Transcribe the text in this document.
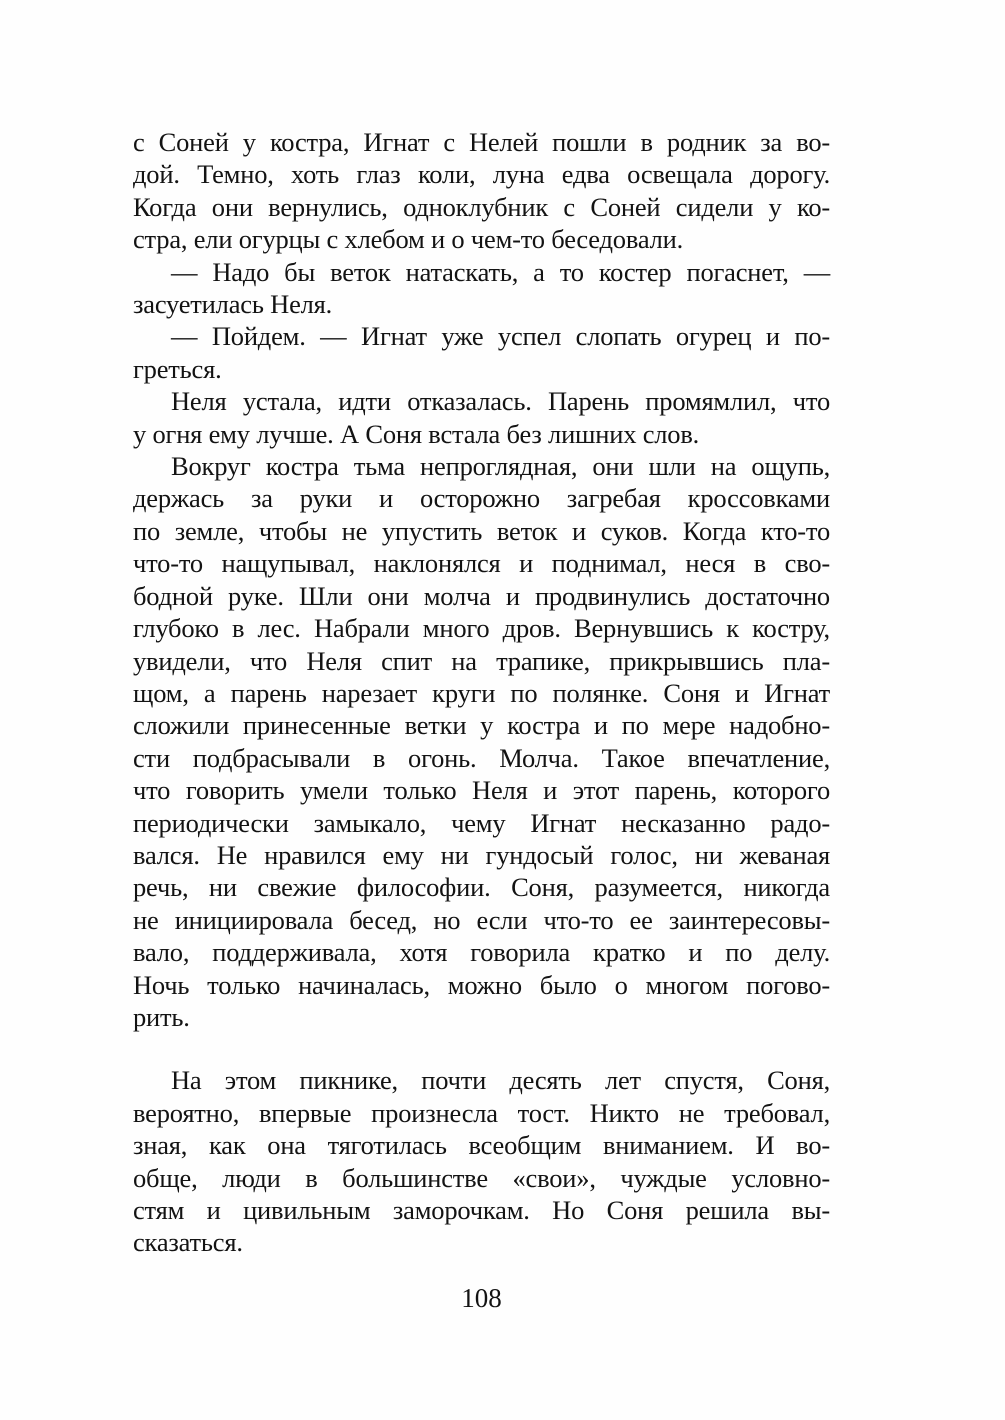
с Соней у костра, Игнат с Нелей пошли в родник за во-
дой. Темно, хоть глаз коли, луна едва освещала дорогу.
Когда они вернулись, одноклубник с Соней сидели у ко-
стра, ели огурцы с хлебом и о чем-то беседовали.
— Надо бы веток натаскать, а то костер погаснет, —
засуетилась Неля.
— Пойдем. — Игнат уже успел слопать огурец и по-
греться.
Неля устала, идти отказалась. Парень промямлил, что
у огня ему лучше. А Соня встала без лишних слов.
Вокруг костра тьма непроглядная, они шли на ощупь,
держась за руки и осторожно загребая кроссовками
по земле, чтобы не упустить веток и суков. Когда кто-то
что-то нащупывал, наклонялся и поднимал, неся в сво-
бодной руке. Шли они молча и продвинулись достаточно
глубоко в лес. Набрали много дров. Вернувшись к костру,
увидели, что Неля спит на трапике, прикрывшись пла-
щом, а парень нарезает круги по полянке. Соня и Игнат
сложили принесенные ветки у костра и по мере надобно-
сти подбрасывали в огонь. Молча. Такое впечатление,
что говорить умели только Неля и этот парень, которого
периодически замыкало, чему Игнат несказанно радо-
вался. Не нравился ему ни гундосый голос, ни жеваная
речь, ни свежие философии. Соня, разумеется, никогда
не инициировала бесед, но если что-то ее заинтересовы-
вало, поддерживала, хотя говорила кратко и по делу.
Ночь только начиналась, можно было о многом погово-
рить.
На этом пикнике, почти десять лет спустя, Соня,
вероятно, впервые произнесла тост. Никто не требовал,
зная, как она тяготилась всеобщим вниманием. И во-
обще, люди в большинстве «свои», чуждые условно-
стям и цивильным заморочкам. Но Соня решила вы-
сказаться.
108
